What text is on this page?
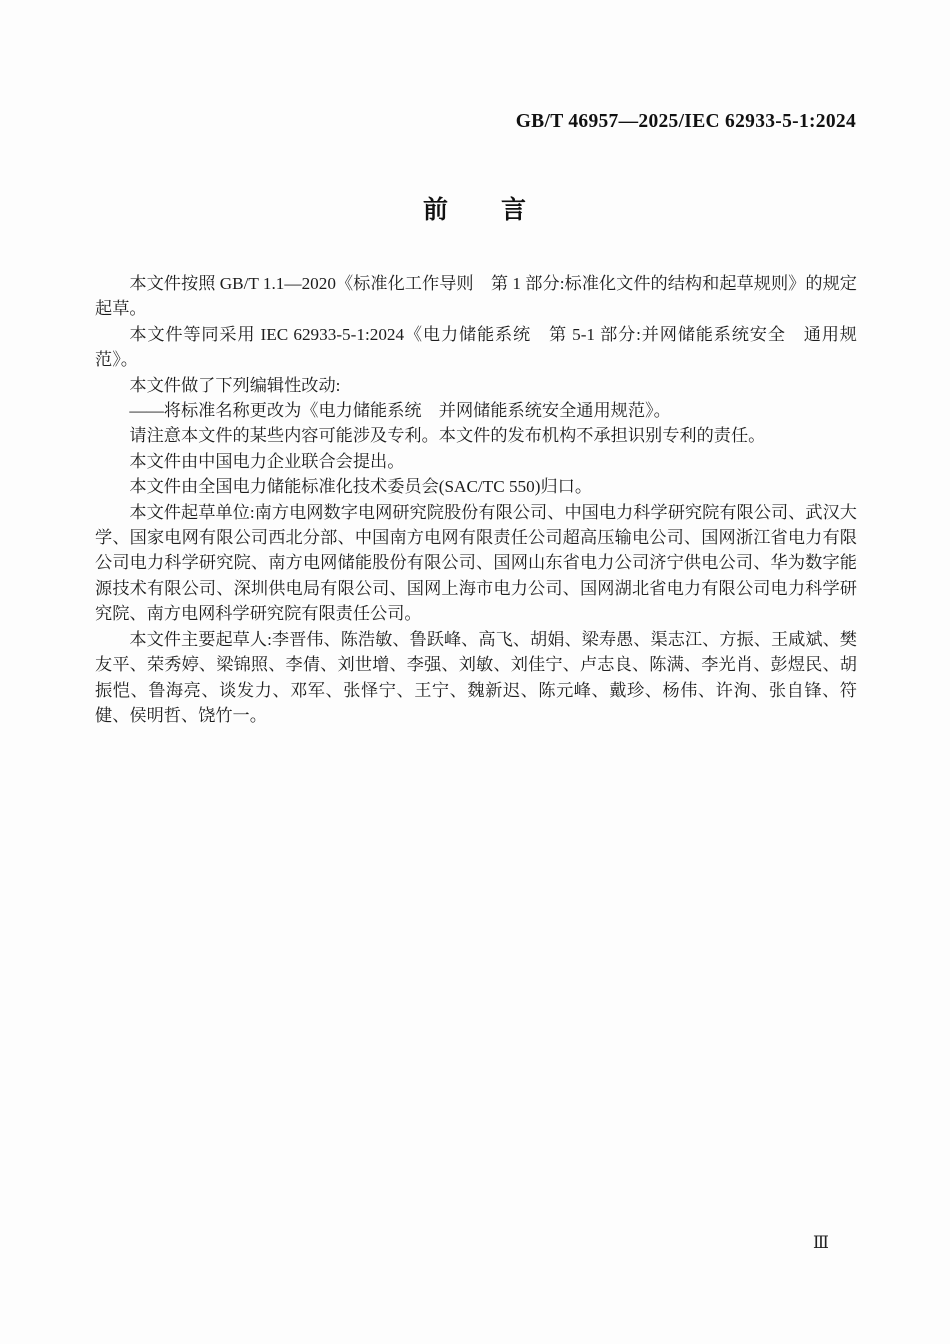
GB/T 46957—2025/IEC 62933-5-1:2024
前　　言

本文件按照 GB/T 1.1—2020《标准化工作导则　第 1 部分:标准化文件的结构和起草规则》的规定起草。

本文件等同采用 IEC 62933-5-1:2024《电力储能系统　第 5-1 部分:并网储能系统安全　通用规范》。

本文件做了下列编辑性改动:

——将标准名称更改为《电力储能系统　并网储能系统安全通用规范》。

请注意本文件的某些内容可能涉及专利。本文件的发布机构不承担识别专利的责任。

本文件由中国电力企业联合会提出。

本文件由全国电力储能标准化技术委员会(SAC/TC 550)归口。

本文件起草单位:南方电网数字电网研究院股份有限公司、中国电力科学研究院有限公司、武汉大学、国家电网有限公司西北分部、中国南方电网有限责任公司超高压输电公司、国网浙江省电力有限公司电力科学研究院、南方电网储能股份有限公司、国网山东省电力公司济宁供电公司、华为数字能源技术有限公司、深圳供电局有限公司、国网上海市电力公司、国网湖北省电力有限公司电力科学研究院、南方电网科学研究院有限责任公司。

本文件主要起草人:李晋伟、陈浩敏、鲁跃峰、高飞、胡娟、梁寿愚、渠志江、方振、王咸斌、樊友平、荣秀婷、梁锦照、李倩、刘世增、李强、刘敏、刘佳宁、卢志良、陈满、李光肖、彭煜民、胡振恺、鲁海亮、谈发力、邓军、张怿宁、王宁、魏新迟、陈元峰、戴珍、杨伟、许洵、张自锋、符健、侯明哲、饶竹一。

Ⅲ
